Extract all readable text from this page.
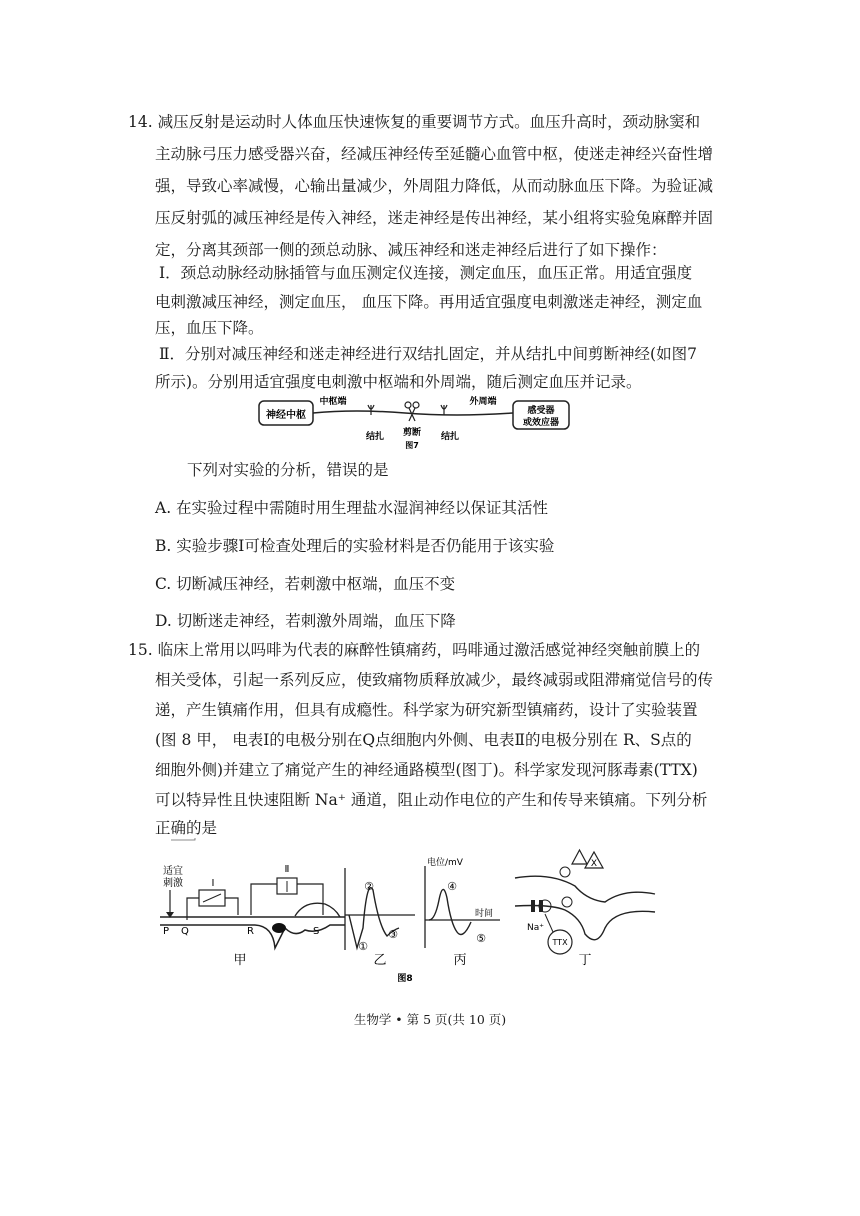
14. 减压反射是运动时人体血压快速恢复的重要调节方式。血压升高时，颈动脉窦和
主动脉弓压力感受器兴奋，经减压神经传至延髓心血管中枢，使迷走神经兴奋性增
强，导致心率减慢，心输出量减少，外周阻力降低，从而动脉血压下降。为验证减
压反射弧的减压神经是传入神经，迷走神经是传出神经，某小组将实验兔麻醉并固
定，分离其颈部一侧的颈总动脉、减压神经和迷走神经后进行了如下操作：
Ⅰ．颈总动脉经动脉插管与血压测定仪连接，测定血压，血压正常。用适宜强度
电刺激减压神经，测定血压， 血压下降。再用适宜强度电刺激迷走神经，测定血
压，血压下降。
Ⅱ．分别对减压神经和迷走神经进行双结扎固定，并从结扎中间剪断神经(如图7
所示)。分别用适宜强度电刺激中枢端和外周端，随后测定血压并记录。
神经中枢
中枢端
结扎 剪断 结扎
外周端
感受器
或效应器
图7
下列对实验的分析，错误的是
A. 在实验过程中需随时用生理盐水湿润神经以保证其活性
B. 实验步骤Ⅰ可检查处理后的实验材料是否仍能用于该实验
C. 切断减压神经，若刺激中枢端，血压不变
D. 切断迷走神经，若刺激外周端，血压下降
15. 临床上常用以吗啡为代表的麻醉性镇痛药，吗啡通过激活感觉神经突触前膜上的
相关受体，引起一系列反应，使致痛物质释放减少，最终减弱或阻滞痛觉信号的传
递，产生镇痛作用，但具有成瘾性。科学家为研究新型镇痛药，设计了实验装置
(图 8 甲， 电表Ⅰ的电极分别在Q点细胞内外侧、电表Ⅱ的电极分别在 R、S点的
细胞外侧)并建立了痛觉产生的神经通路模型(图丁)。科学家发现河豚毒素(TTX)
可以特异性且快速阻断 Na⁺ 通道，阻止动作电位的产生和传导来镇痛。下列分析
正确的是
适宜
刺激
P Q	R	S
Ⅰ
Ⅱ
甲
②
①
③
乙
电位/mV
时间
④
⑤
丙
X
Na⁺
TTX
丁
图8
生物学 • 第 5 页(共 10 页)
